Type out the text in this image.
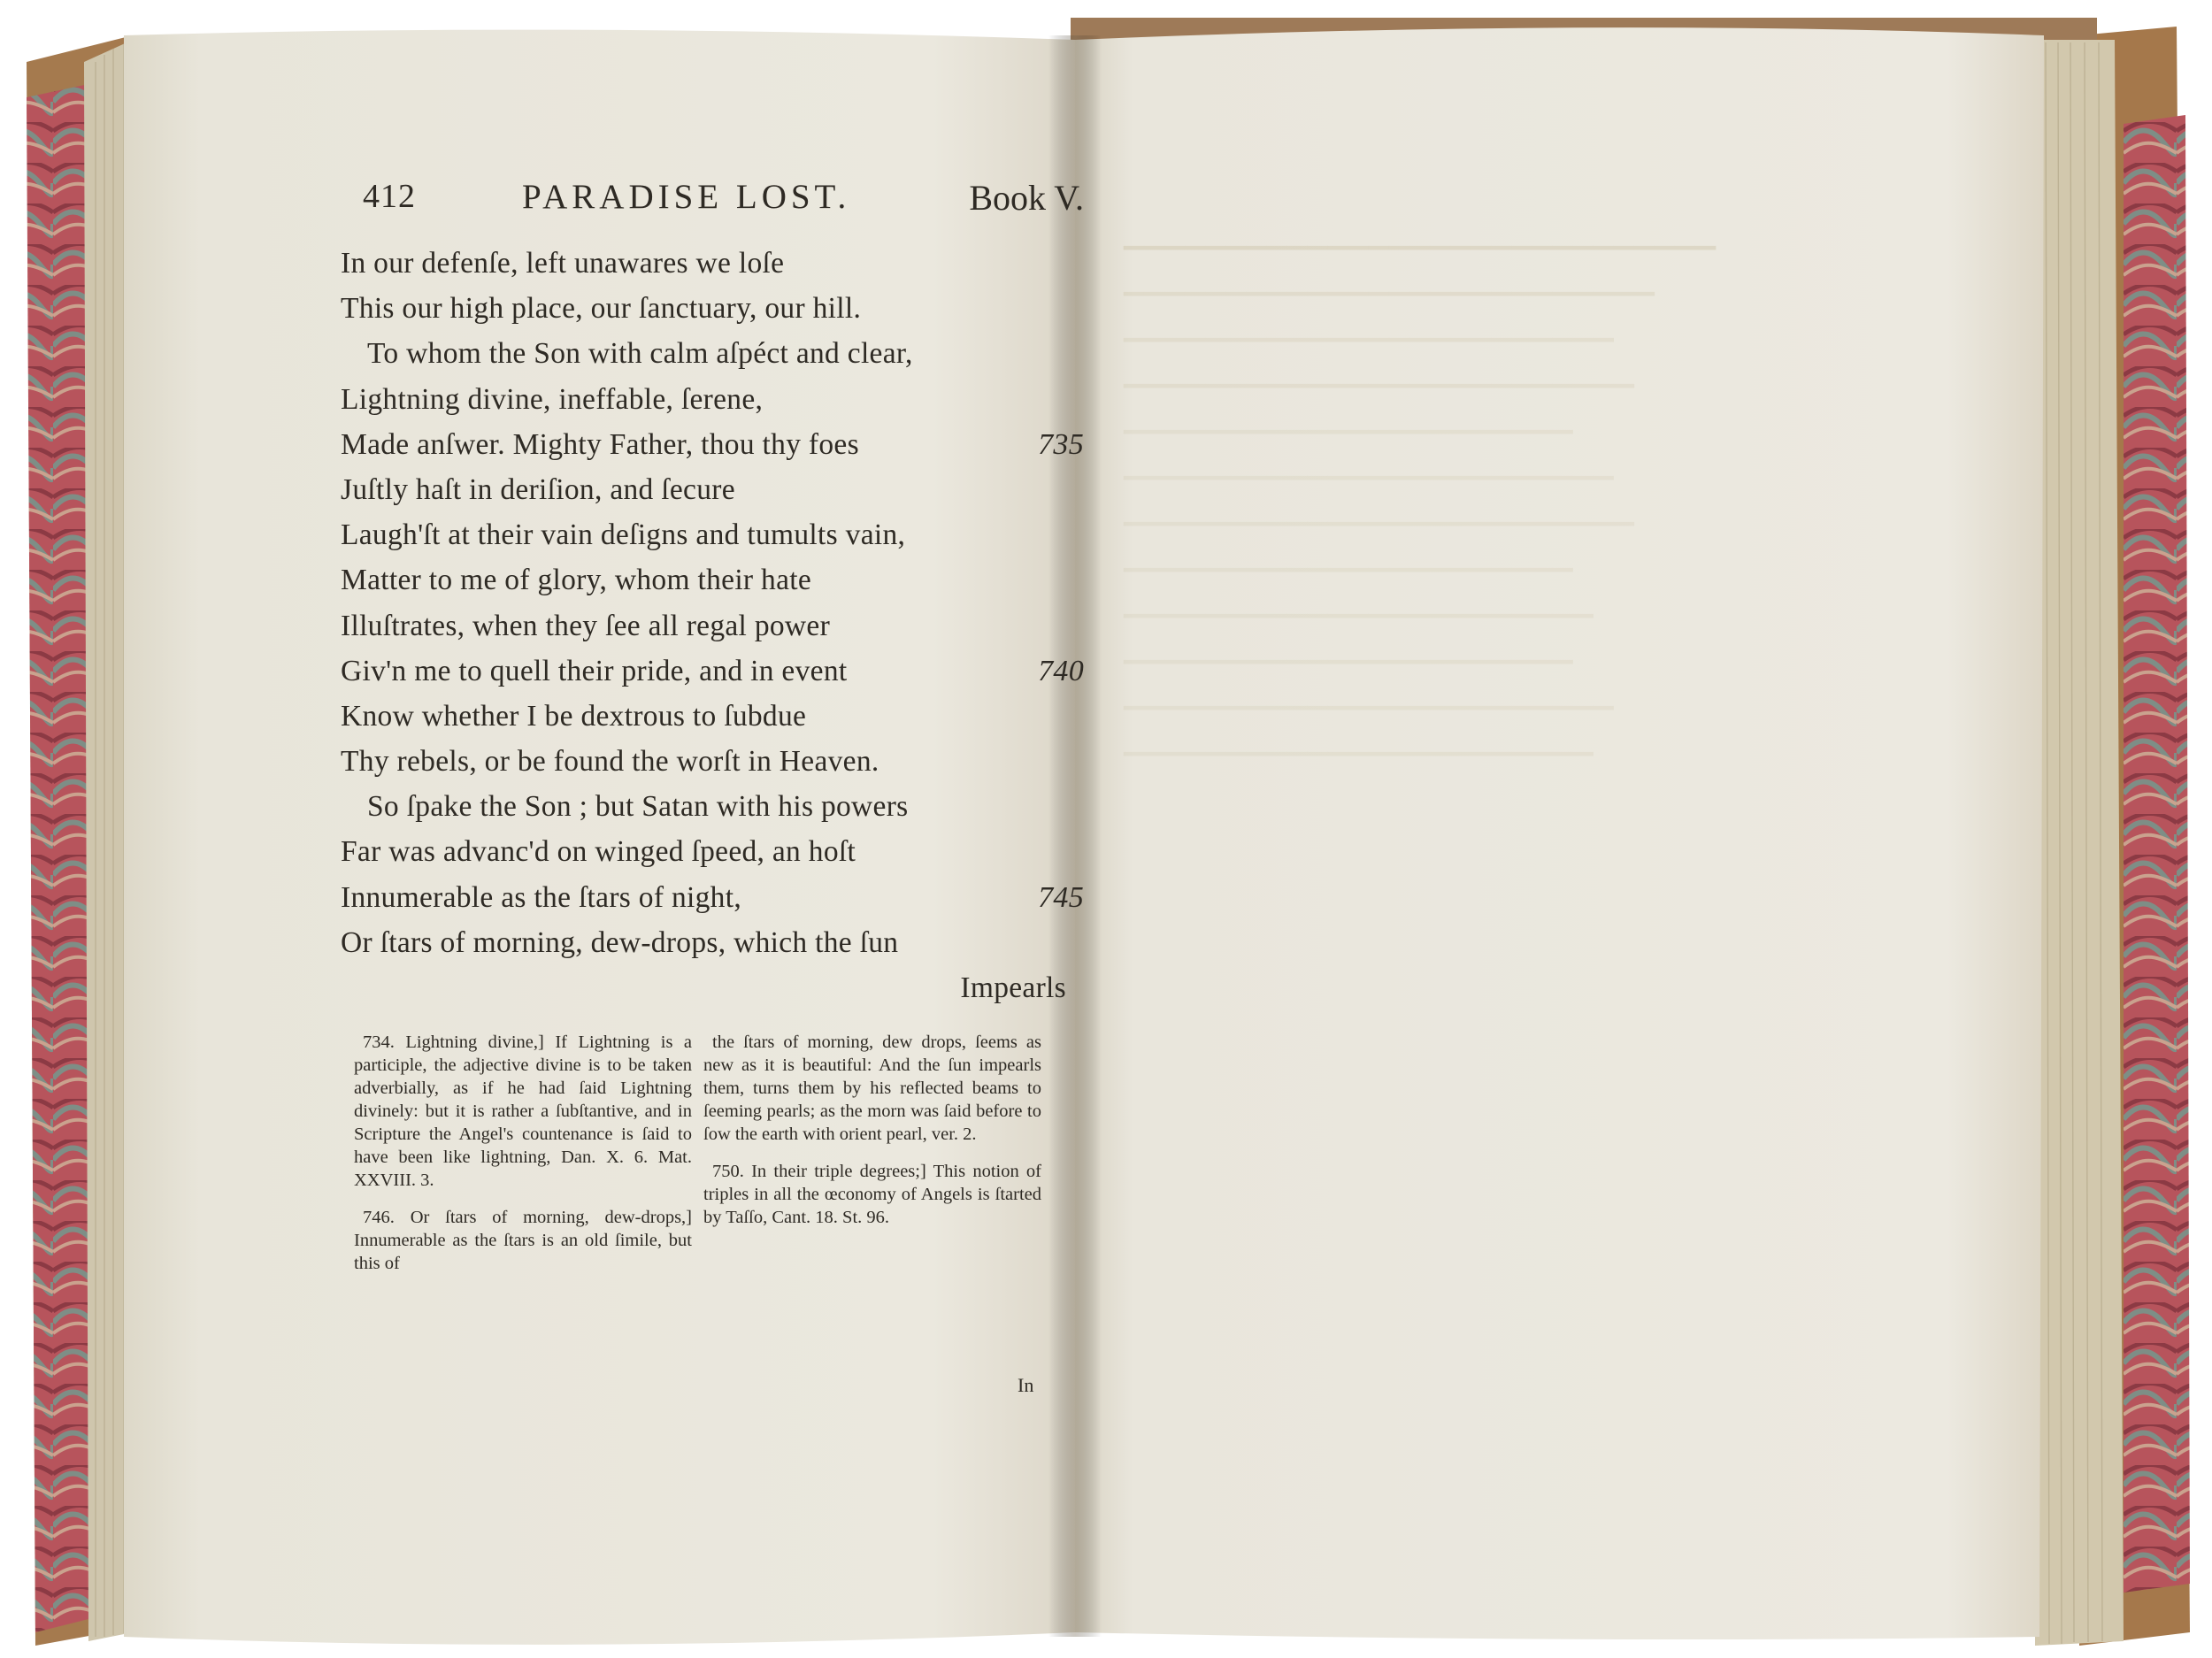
▁▁▁▁▁▁▁▁▁▁▁▁▁▁▁▁▁▁▁▁▁▁▁▁▁▁▁▁▁
▁▁▁▁▁▁▁▁▁▁▁▁▁▁▁▁▁▁▁▁▁▁▁▁▁▁
▁▁▁▁▁▁▁▁▁▁▁▁▁▁▁▁▁▁▁▁▁▁▁▁
▁▁▁▁▁▁▁▁▁▁▁▁▁▁▁▁▁▁▁▁▁▁▁▁▁
▁▁▁▁▁▁▁▁▁▁▁▁▁▁▁▁▁▁▁▁▁▁
▁▁▁▁▁▁▁▁▁▁▁▁▁▁▁▁▁▁▁▁▁▁▁▁
▁▁▁▁▁▁▁▁▁▁▁▁▁▁▁▁▁▁▁▁▁▁▁▁▁
▁▁▁▁▁▁▁▁▁▁▁▁▁▁▁▁▁▁▁▁▁▁
▁▁▁▁▁▁▁▁▁▁▁▁▁▁▁▁▁▁▁▁▁▁▁
▁▁▁▁▁▁▁▁▁▁▁▁▁▁▁▁▁▁▁▁▁▁
▁▁▁▁▁▁▁▁▁▁▁▁▁▁▁▁▁▁▁▁▁▁▁▁
▁▁▁▁▁▁▁▁▁▁▁▁▁▁▁▁▁▁▁▁▁▁▁
412	PARADISE LOST.	Book V.
In our defenſe, left unawares we loſe
This our high place, our ſanctuary, our hill.
To whom the Son with calm aſpéct and clear,
Lightning divine, ineffable, ſerene,
Made anſwer. Mighty Father, thou thy foes	735
Juſtly haſt in deriſion, and ſecure
Laugh'ſt at their vain deſigns and tumults vain,
Matter to me of glory, whom their hate
Illuſtrates, when they ſee all regal power
Giv'n me to quell their pride, and in event	740
Know whether I be dextrous to ſubdue
Thy rebels, or be found the worſt in Heaven.
So ſpake the Son ; but Satan with his powers
Far was advanc'd on winged ſpeed, an hoſt
Innumerable as the ſtars of night,	745
Or ſtars of morning, dew-drops, which the ſun
Impearls

734. Lightning divine,] If Lightning is a participle, the adjective divine is to be taken adverbially, as if he had ſaid Lightning divinely: but it is rather a ſubſtantive, and in Scripture the Angel's countenance is ſaid to have been like lightning, Dan. X. 6. Mat. XXVIII. 3.

746. Or ſtars of morning, dew-drops,] Innumerable as the ſtars is an old ſimile, but this of

the ſtars of morning, dew drops, ſeems as new as it is beautiful: And the ſun impearls them, turns them by his reflected beams to ſeeming pearls; as the morn was ſaid before to ſow the earth with orient pearl, ver. 2.

750. In their triple degrees;] This notion of triples in all the œconomy of Angels is ſtarted by Taſſo, Cant. 18. St. 96.

In
